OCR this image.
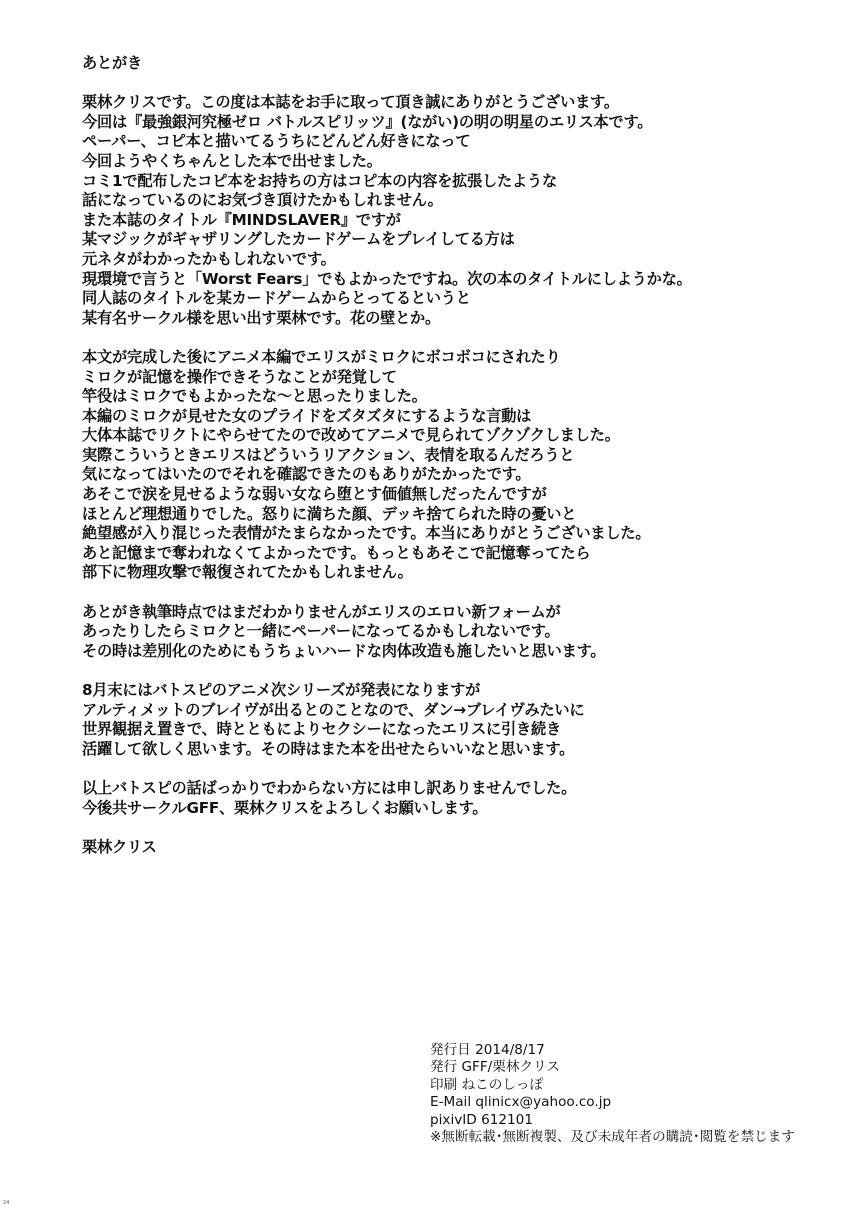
あとがき
栗林クリスです。この度は本誌をお手に取って頂き誠にありがとうございます。
今回は『最強銀河究極ゼロ バトルスピリッツ』(ながい)の明の明星のエリス本です。
ペーパー、コピ本と描いてるうちにどんどん好きになって
今回ようやくちゃんとした本で出せました。
コミ1で配布したコピ本をお持ちの方はコピ本の内容を拡張したような
話になっているのにお気づき頂けたかもしれません。
また本誌のタイトル『MINDSLAVER』ですが
某マジックがギャザリングしたカードゲームをプレイしてる方は
元ネタがわかったかもしれないです。
現環境で言うと「Worst Fears」でもよかったですね。次の本のタイトルにしようかな。
同人誌のタイトルを某カードゲームからとってるというと
某有名サークル様を思い出す栗林です。花の壁とか。
本文が完成した後にアニメ本編でエリスがミロクにボコボコにされたり
ミロクが記憶を操作できそうなことが発覚して
竿役はミロクでもよかったな〜と思ったりました。
本編のミロクが見せた女のプライドをズタズタにするような言動は
大体本誌でリクトにやらせてたので改めてアニメで見られてゾクゾクしました。
実際こういうときエリスはどういうリアクション、表情を取るんだろうと
気になってはいたのでそれを確認できたのもありがたかったです。
あそこで涙を見せるような弱い女なら堕とす価値無しだったんですが
ほとんど理想通りでした。怒りに満ちた顔、デッキ捨てられた時の憂いと
絶望感が入り混じった表情がたまらなかったです。本当にありがとうございました。
あと記憶まで奪われなくてよかったです。もっともあそこで記憶奪ってたら
部下に物理攻撃で報復されてたかもしれません。
あとがき執筆時点ではまだわかりませんがエリスのエロい新フォームが
あったりしたらミロクと一緒にペーパーになってるかもしれないです。
その時は差別化のためにもうちょいハードな肉体改造も施したいと思います。
8月末にはバトスピのアニメ次シリーズが発表になりますが
アルティメットのブレイヴが出るとのことなので、ダン→ブレイヴみたいに
世界観据え置きで、時とともによりセクシーになったエリスに引き続き
活躍して欲しく思います。その時はまた本を出せたらいいなと思います。
以上バトスピの話ばっかりでわからない方には申し訳ありませんでした。
今後共サークルGFF、栗林クリスをよろしくお願いします。
栗林クリス
発行日 2014/8/17
発行 GFF/栗林クリス
印刷 ねこのしっぽ
E-Mail qlinicx@yahoo.co.jp
pixivID 612101
※無断転載･無断複製、及び未成年者の購読･閲覧を禁じます
24
